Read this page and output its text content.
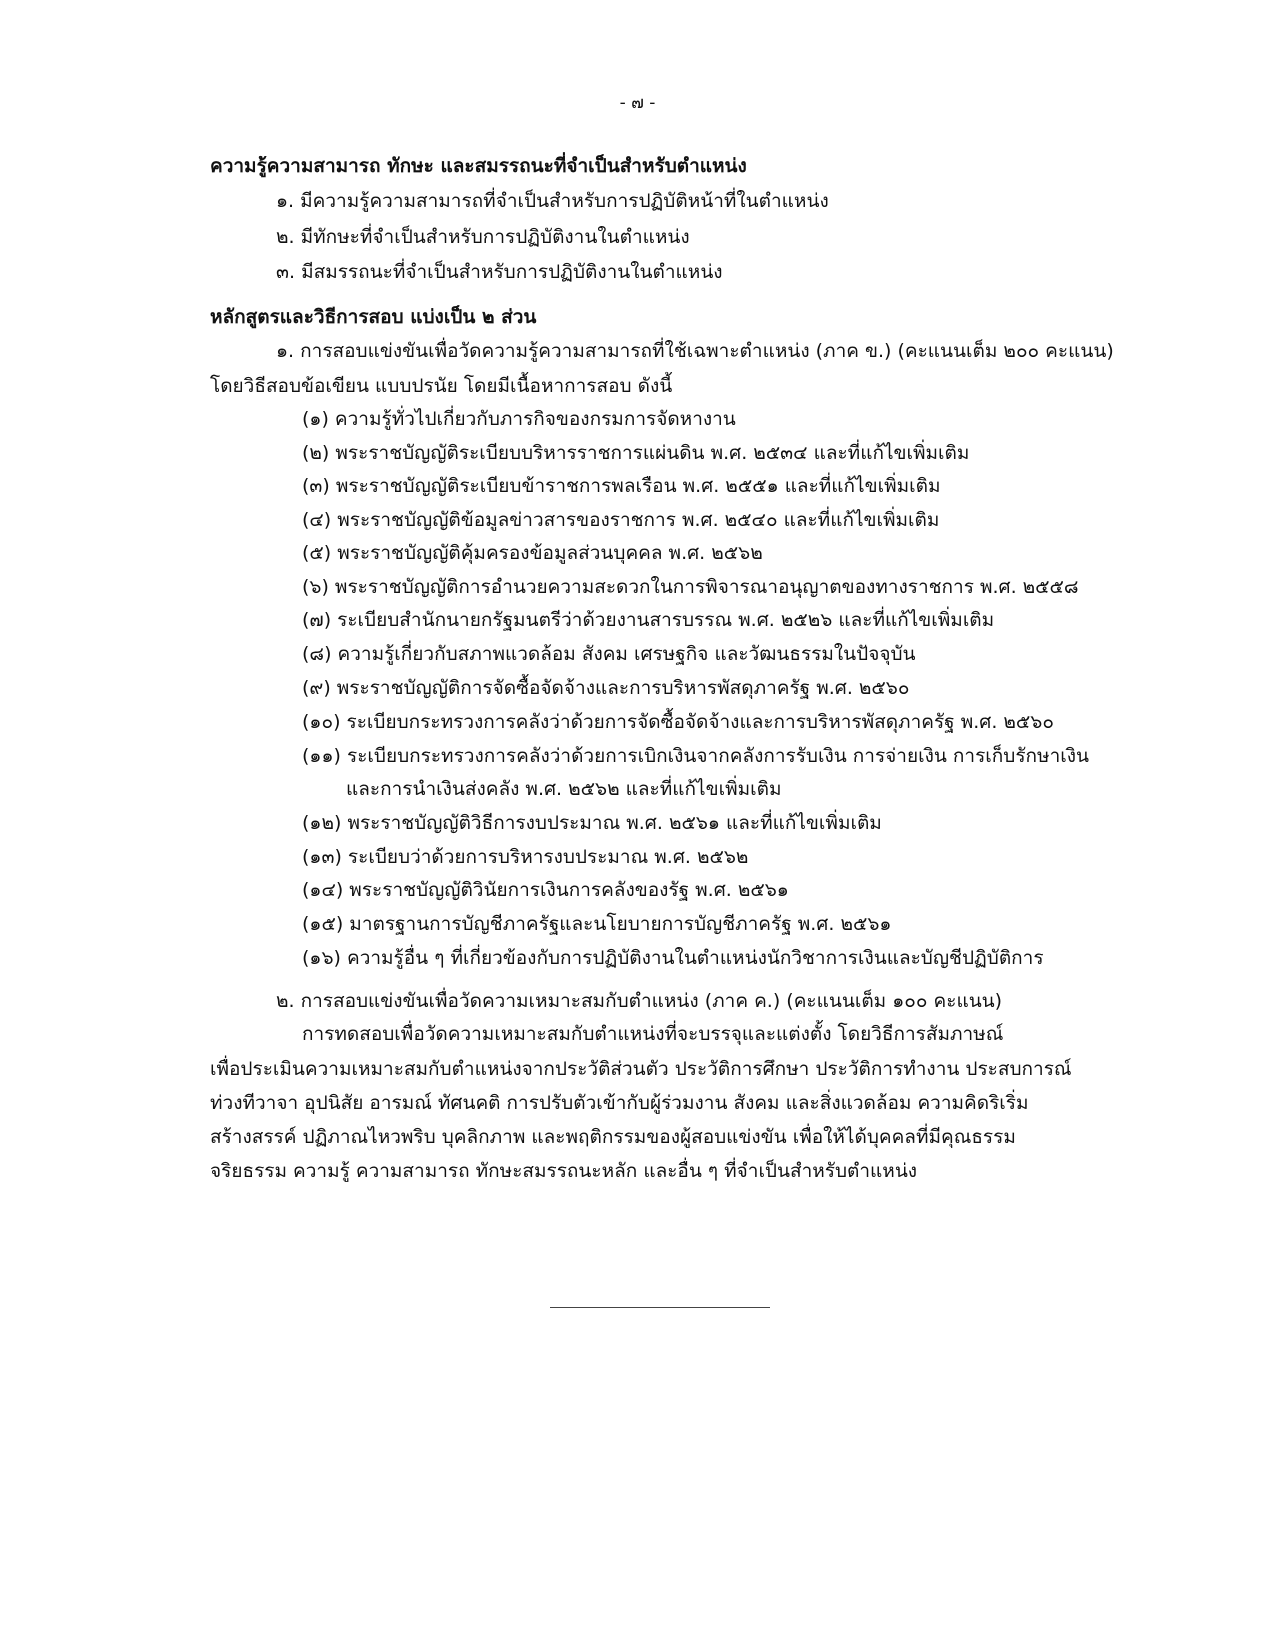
- ๗ -
ความรู้ความสามารถ ทักษะ และสมรรถนะที่จำเป็นสำหรับตำแหน่ง
๑. มีความรู้ความสามารถที่จำเป็นสำหรับการปฏิบัติหน้าที่ในตำแหน่ง
๒. มีทักษะที่จำเป็นสำหรับการปฏิบัติงานในตำแหน่ง
๓. มีสมรรถนะที่จำเป็นสำหรับการปฏิบัติงานในตำแหน่ง
หลักสูตรและวิธีการสอบ แบ่งเป็น ๒ ส่วน
๑. การสอบแข่งขันเพื่อวัดความรู้ความสามารถที่ใช้เฉพาะตำแหน่ง (ภาค ข.) (คะแนนเต็ม ๒๐๐ คะแนน)
โดยวิธีสอบข้อเขียน แบบปรนัย โดยมีเนื้อหาการสอบ ดังนี้
(๑) ความรู้ทั่วไปเกี่ยวกับภารกิจของกรมการจัดหางาน
(๒) พระราชบัญญัติระเบียบบริหารราชการแผ่นดิน พ.ศ. ๒๕๓๔ และที่แก้ไขเพิ่มเติม
(๓) พระราชบัญญัติระเบียบข้าราชการพลเรือน พ.ศ. ๒๕๕๑ และที่แก้ไขเพิ่มเติม
(๔) พระราชบัญญัติข้อมูลข่าวสารของราชการ พ.ศ. ๒๕๔๐ และที่แก้ไขเพิ่มเติม
(๕) พระราชบัญญัติคุ้มครองข้อมูลส่วนบุคคล พ.ศ. ๒๕๖๒
(๖) พระราชบัญญัติการอำนวยความสะดวกในการพิจารณาอนุญาตของทางราชการ พ.ศ. ๒๕๕๘
(๗) ระเบียบสำนักนายกรัฐมนตรีว่าด้วยงานสารบรรณ พ.ศ. ๒๕๒๖ และที่แก้ไขเพิ่มเติม
(๘) ความรู้เกี่ยวกับสภาพแวดล้อม สังคม เศรษฐกิจ และวัฒนธรรมในปัจจุบัน
(๙) พระราชบัญญัติการจัดซื้อจัดจ้างและการบริหารพัสดุภาครัฐ พ.ศ. ๒๕๖๐
(๑๐) ระเบียบกระทรวงการคลังว่าด้วยการจัดซื้อจัดจ้างและการบริหารพัสดุภาครัฐ พ.ศ. ๒๕๖๐
(๑๑) ระเบียบกระทรวงการคลังว่าด้วยการเบิกเงินจากคลังการรับเงิน การจ่ายเงิน การเก็บรักษาเงิน
และการนำเงินส่งคลัง พ.ศ. ๒๕๖๒ และที่แก้ไขเพิ่มเติม
(๑๒) พระราชบัญญัติวิธีการงบประมาณ พ.ศ. ๒๕๖๑ และที่แก้ไขเพิ่มเติม
(๑๓) ระเบียบว่าด้วยการบริหารงบประมาณ พ.ศ. ๒๕๖๒
(๑๔) พระราชบัญญัติวินัยการเงินการคลังของรัฐ พ.ศ. ๒๕๖๑
(๑๕) มาตรฐานการบัญชีภาครัฐและนโยบายการบัญชีภาครัฐ พ.ศ. ๒๕๖๑
(๑๖) ความรู้อื่น ๆ ที่เกี่ยวข้องกับการปฏิบัติงานในตำแหน่งนักวิชาการเงินและบัญชีปฏิบัติการ
๒. การสอบแข่งขันเพื่อวัดความเหมาะสมกับตำแหน่ง (ภาค ค.) (คะแนนเต็ม ๑๐๐ คะแนน)
การทดสอบเพื่อวัดความเหมาะสมกับตำแหน่งที่จะบรรจุและแต่งตั้ง โดยวิธีการสัมภาษณ์
เพื่อประเมินความเหมาะสมกับตำแหน่งจากประวัติส่วนตัว ประวัติการศึกษา ประวัติการทำงาน ประสบการณ์
ท่วงทีวาจา อุปนิสัย อารมณ์ ทัศนคติ การปรับตัวเข้ากับผู้ร่วมงาน สังคม และสิ่งแวดล้อม ความคิดริเริ่ม
สร้างสรรค์ ปฏิภาณไหวพริบ บุคลิกภาพ และพฤติกรรมของผู้สอบแข่งขัน เพื่อให้ได้บุคคลที่มีคุณธรรม
จริยธรรม ความรู้ ความสามารถ ทักษะสมรรถนะหลัก และอื่น ๆ ที่จำเป็นสำหรับตำแหน่ง
